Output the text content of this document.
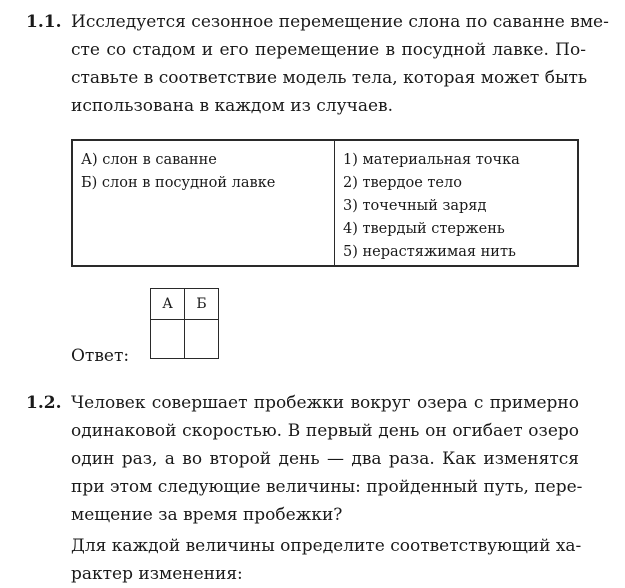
1.1. Исследуется сезонное перемещение слона по саванне вме-
сте со стадом и его перемещение в посудной лавке. По-
ставьте в соответствие модель тела, которая может быть
использована в каждом из случаев.
А) слон в саванне
Б) слон в посудной лавке
1) материальная точка
2) твердое тело
3) точечный заряд
4) твердый стержень
5) нерастяжимая нить
Ответ:
А	Б

1.2. Человек совершает пробежки вокруг озера с примерно
одинаковой скоростью. В первый день он огибает озеро
один раз, а во второй день — два раза. Как изменятся
при этом следующие величины: пройденный путь, пере-
мещение за время пробежки?
Для каждой величины определите соответствующий ха-
рактер изменения:
